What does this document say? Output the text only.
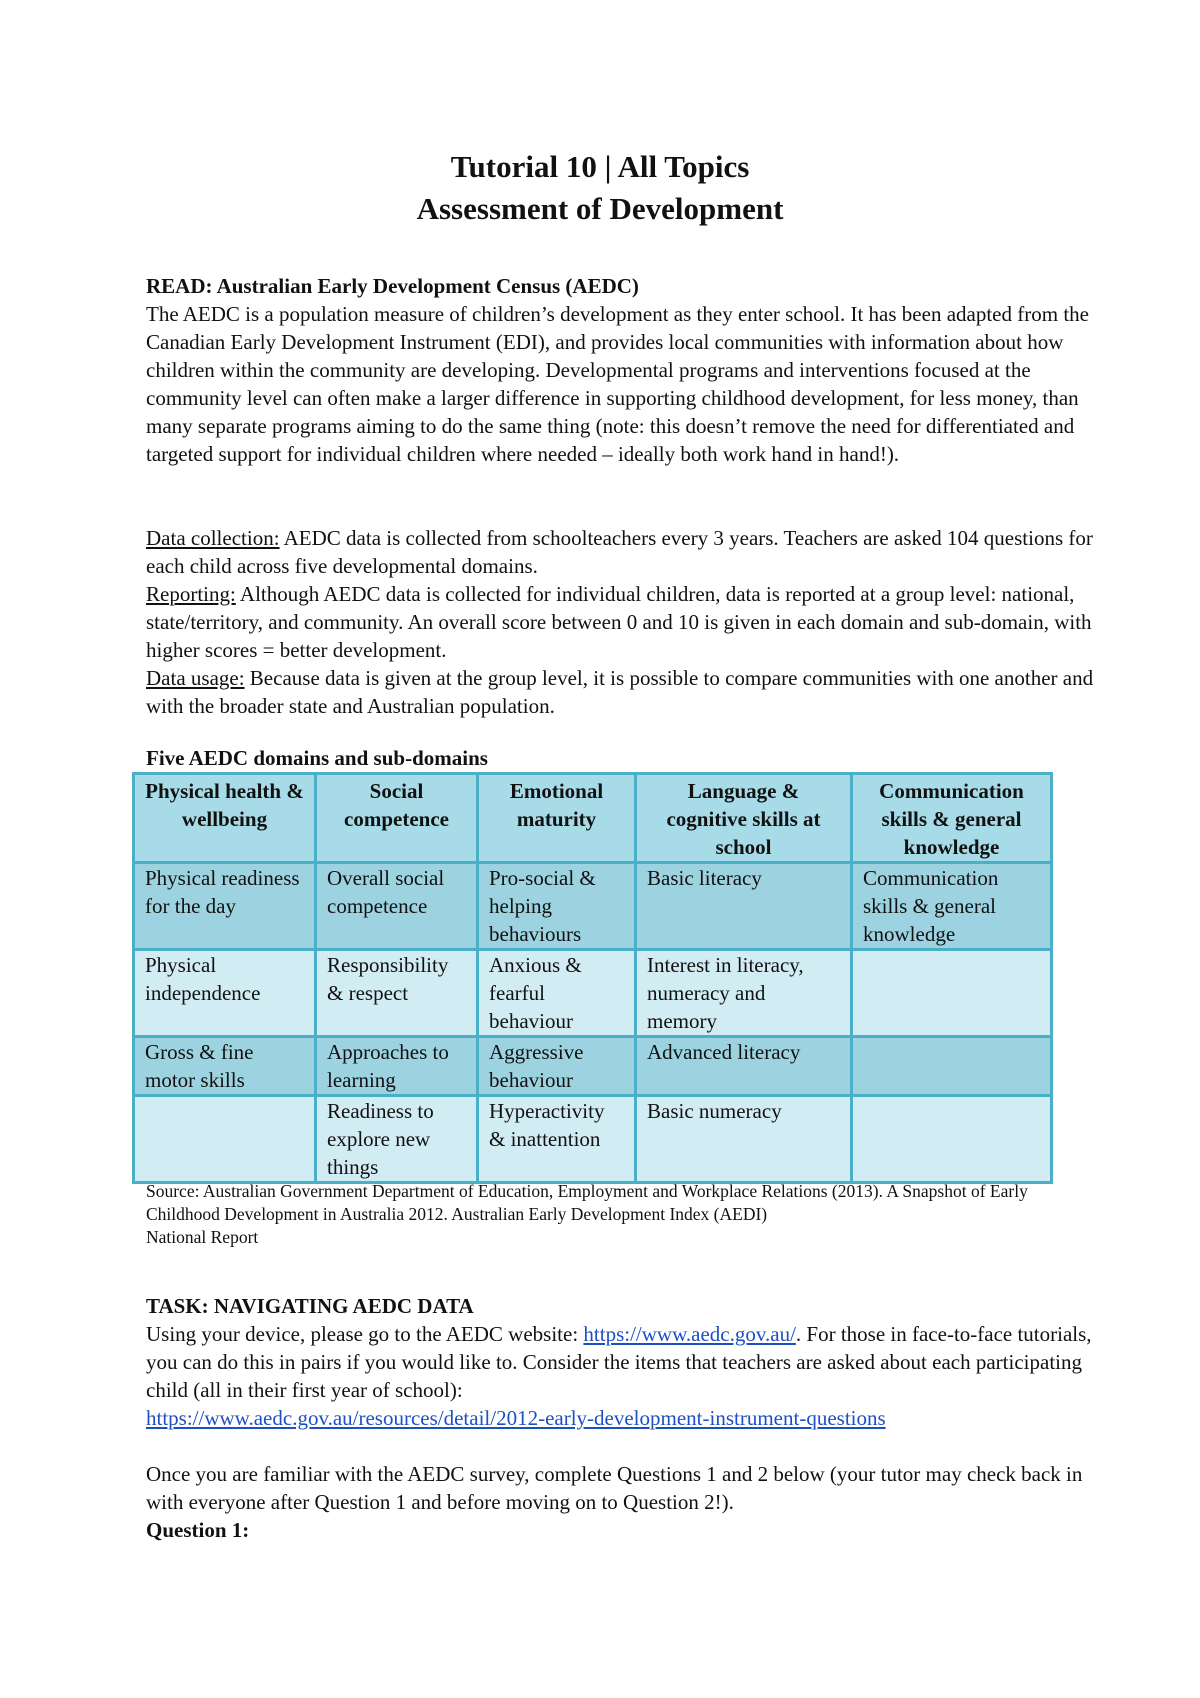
Tutorial 10 | All Topics
Assessment of Development
READ: Australian Early Development Census (AEDC)
The AEDC is a population measure of children’s development as they enter school. It has been adapted from the Canadian Early Development Instrument (EDI), and provides local communities with information about how children within the community are developing. Developmental programs and interventions focused at the community level can often make a larger difference in supporting childhood development, for less money, than many separate programs aiming to do the same thing (note: this doesn’t remove the need for differentiated and targeted support for individual children where needed – ideally both work hand in hand!).
Data collection: AEDC data is collected from schoolteachers every 3 years. Teachers are asked 104 questions for each child across five developmental domains.
Reporting: Although AEDC data is collected for individual children, data is reported at a group level: national, state/territory, and community. An overall score between 0 and 10 is given in each domain and sub-domain, with higher scores = better development.
Data usage: Because data is given at the group level, it is possible to compare communities with one another and with the broader state and Australian population.
Five AEDC domains and sub-domains
Physical health & wellbeing	Social competence	Emotional maturity	Language & cognitive skills at school	Communication skills & general knowledge
Physical readiness for the day	Overall social competence	Pro-social & helping behaviours	Basic literacy	Communication skills & general knowledge
Physical independence	Responsibility & respect	Anxious & fearful behaviour	Interest in literacy, numeracy and memory	
Gross & fine motor skills	Approaches to learning	Aggressive behaviour	Advanced literacy	
	Readiness to explore new things	Hyperactivity & inattention	Basic numeracy	
Source: Australian Government Department of Education, Employment and Workplace Relations (2013). A Snapshot of Early Childhood Development in Australia 2012. Australian Early Development Index (AEDI)
National Report
TASK: NAVIGATING AEDC DATA
Using your device, please go to the AEDC website: https://www.aedc.gov.au/. For those in face-to-face tutorials, you can do this in pairs if you would like to. Consider the items that teachers are asked about each participating child (all in their first year of school):
https://www.aedc.gov.au/resources/detail/2012-early-development-instrument-questions
Once you are familiar with the AEDC survey, complete Questions 1 and 2 below (your tutor may check back in with everyone after Question 1 and before moving on to Question 2!).
Question 1:
